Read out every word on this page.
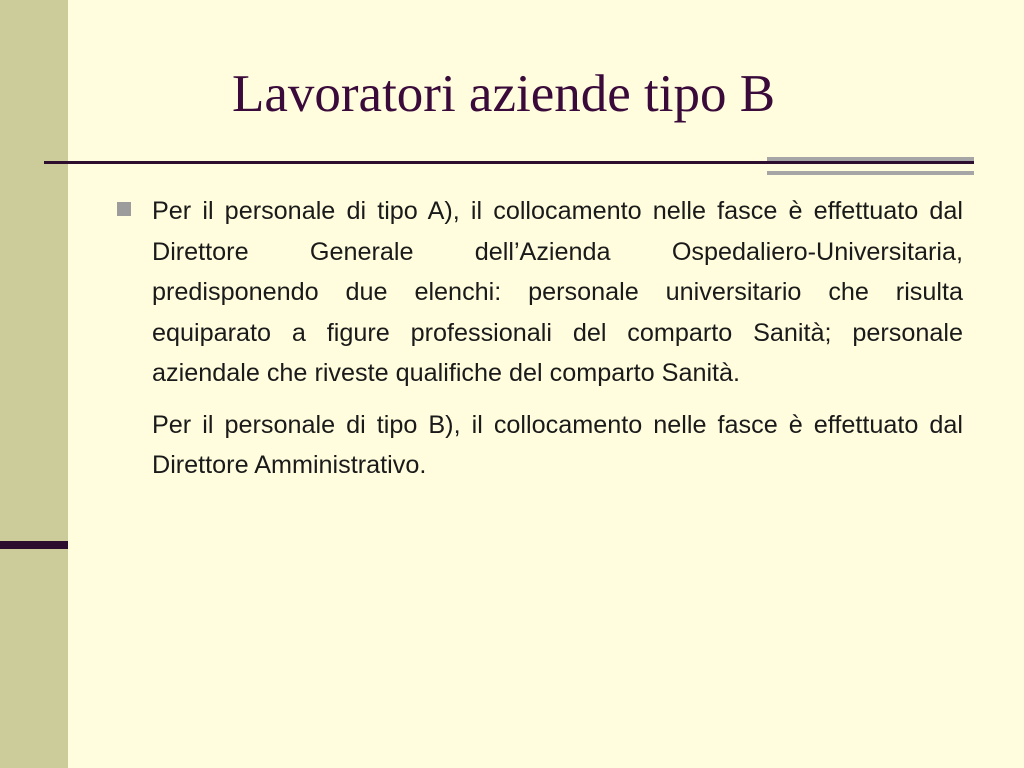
Lavoratori aziende tipo B

Per il personale di tipo A), il collocamento nelle fasce è effettuato dal Direttore Generale dell’Azienda Ospedaliero-Universitaria, predisponendo due elenchi: personale universitario che risulta equiparato a figure professionali del comparto Sanità; personale aziendale che riveste qualifiche del comparto Sanità.

Per il personale di tipo B), il collocamento nelle fasce è effettuato dal Direttore Amministrativo.
